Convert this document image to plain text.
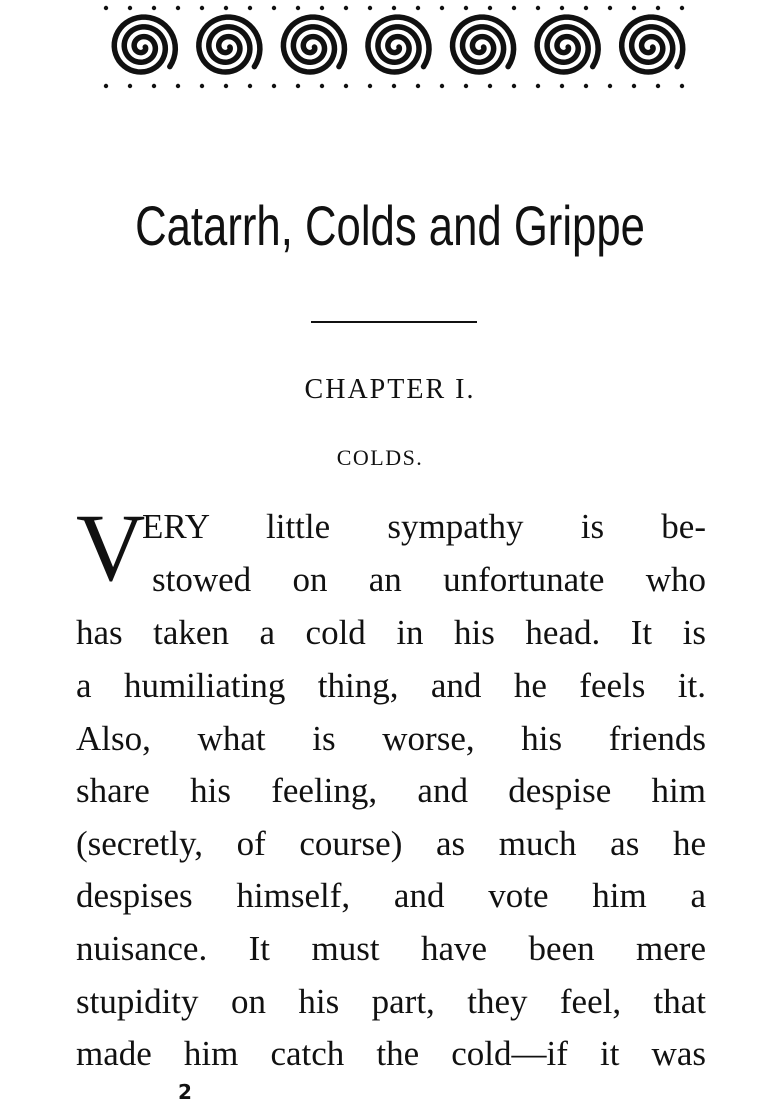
Catarrh, Colds and Grippe
CHAPTER I.
COLDS.
V
ERY little sympathy is be-
stowed on an unfortunate who
has taken a cold in his head. It is
a humiliating thing, and he feels it.
Also, what is worse, his friends
share his feeling, and despise him
(secretly, of course) as much as he
despises himself, and vote him a
nuisance. It must have been mere
stupidity on his part, they feel, that
made him catch the cold—if it was
2
